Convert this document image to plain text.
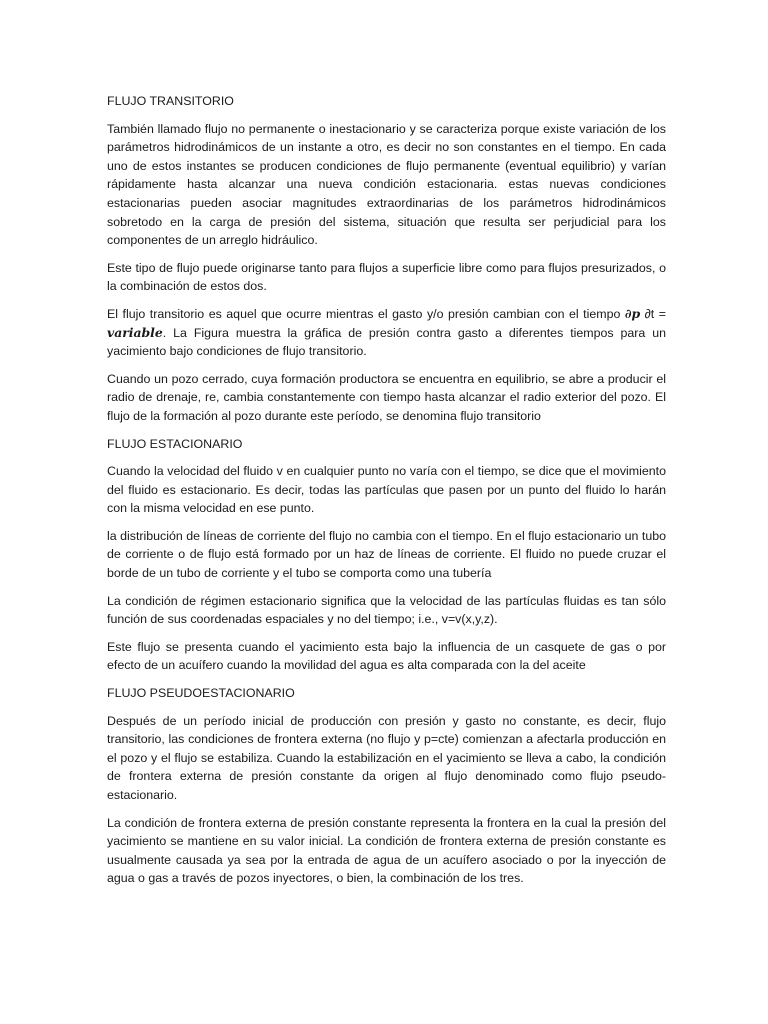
FLUJO TRANSITORIO

También llamado flujo no permanente o inestacionario y se caracteriza porque existe variación de los parámetros hidrodinámicos de un instante a otro, es decir no son constantes en el tiempo. En cada uno de estos instantes se producen condiciones de flujo permanente (eventual equilibrio) y varían rápidamente hasta alcanzar una nueva condición estacionaria. estas nuevas condiciones estacionarias pueden asociar magnitudes extraordinarias de los parámetros hidrodinámicos sobretodo en la carga de presión del sistema, situación que resulta ser perjudicial para los componentes de un arreglo hidráulico.

Este tipo de flujo puede originarse tanto para flujos a superficie libre como para flujos presurizados, o la combinación de estos dos.

El flujo transitorio es aquel que ocurre mientras el gasto y/o presión cambian con el tiempo ∂p ∂t = variable. La Figura muestra la gráfica de presión contra gasto a diferentes tiempos para un yacimiento bajo condiciones de flujo transitorio.

Cuando un pozo cerrado, cuya formación productora se encuentra en equilibrio, se abre a producir el radio de drenaje, re, cambia constantemente con tiempo hasta alcanzar el radio exterior del pozo. El flujo de la formación al pozo durante este período, se denomina flujo transitorio

FLUJO ESTACIONARIO

Cuando la velocidad del fluido v en cualquier punto no varía con el tiempo, se dice que el movimiento del fluido es estacionario. Es decir, todas las partículas que pasen por un punto del fluido lo harán con la misma velocidad en ese punto.

la distribución de líneas de corriente del flujo no cambia con el tiempo. En el flujo estacionario un tubo de corriente o de flujo está formado por un haz de líneas de corriente. El fluido no puede cruzar el borde de un tubo de corriente y el tubo se comporta como una tubería

La condición de régimen estacionario significa que la velocidad de las partículas fluidas es tan sólo función de sus coordenadas espaciales y no del tiempo; i.e., v=v(x,y,z).

Este flujo se presenta cuando el yacimiento esta bajo la influencia de un casquete de gas o por efecto de un acuífero cuando la movilidad del agua es alta comparada con la del aceite

FLUJO PSEUDOESTACIONARIO

Después de un período inicial de producción con presión y gasto no constante, es decir, flujo transitorio, las condiciones de frontera externa (no flujo y p=cte) comienzan a afectarla producción en el pozo y el flujo se estabiliza. Cuando la estabilización en el yacimiento se lleva a cabo, la condición de frontera externa de presión constante da origen al flujo denominado como flujo pseudo-estacionario.

La condición de frontera externa de presión constante representa la frontera en la cual la presión del yacimiento se mantiene en su valor inicial. La condición de frontera externa de presión constante es usualmente causada ya sea por la entrada de agua de un acuífero asociado o por la inyección de agua o gas a través de pozos inyectores, o bien, la combinación de los tres.
